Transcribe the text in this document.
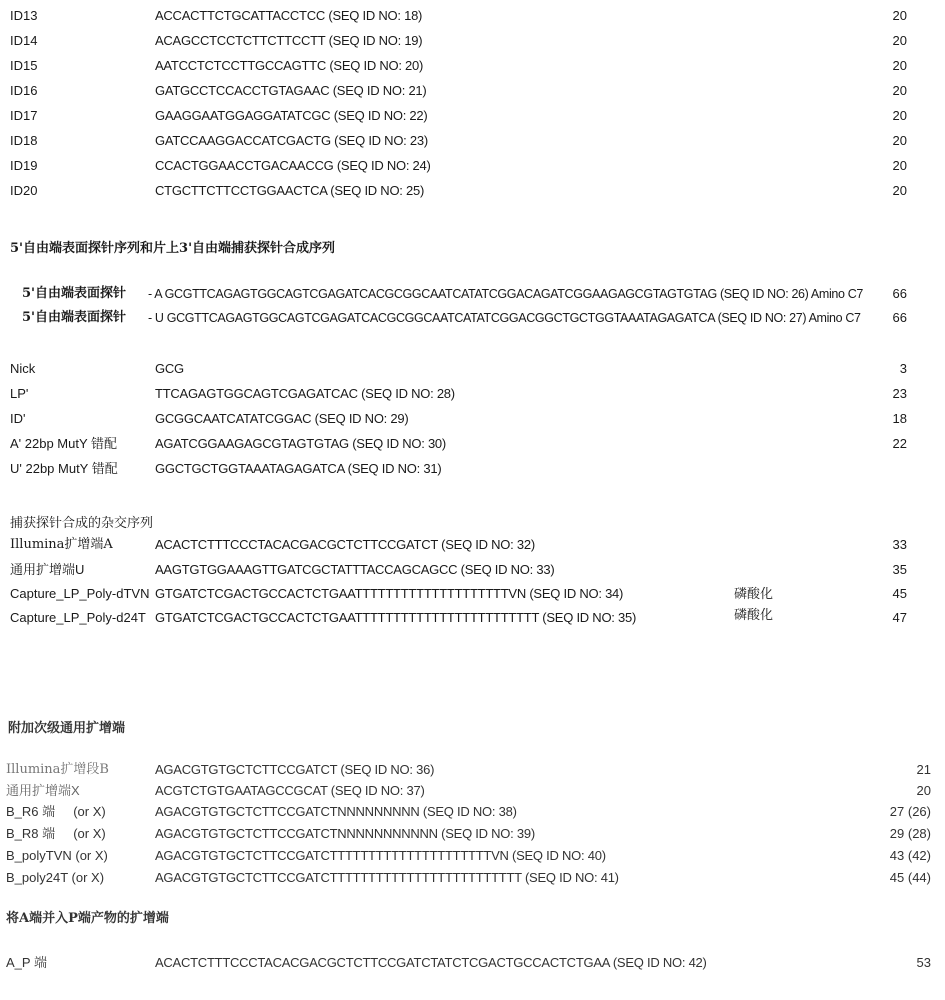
ID13	ACCACTTCTGCATTACCTCC (SEQ ID NO: 18)	20
ID14	ACAGCCTCCTCTTCTTCCTT (SEQ ID NO: 19)	20
ID15	AATCCTCTCCTTGCCAGTTC (SEQ ID NO: 20)	20
ID16	GATGCCTCCACCTGTAGAAC (SEQ ID NO: 21)	20
ID17	GAAGGAATGGAGGATATCGC (SEQ ID NO: 22)	20
ID18	GATCCAAGGACCATCGACTG (SEQ ID NO: 23)	20
ID19	CCACTGGAACCTGACAACCG (SEQ ID NO: 24)	20
ID20	CTGCTTCTTCCTGGAACTCA (SEQ ID NO: 25)	20
5'自由端表面探针序列和片上3'自由端捕获探针合成序列
5'自由端表面探针 - A GCGTTCAGAGTGGCAGTCGAGATCACGCGGCAATCATATCGGACAGATCGGAAGAGCGTAGTGTAG (SEQ ID NO: 26) Amino C7 66
5'自由端表面探针 - U GCGTTCAGAGTGGCAGTCGAGATCACGCGGCAATCATATCGGACGGCTGCTGGTAAATAGAGATCA (SEQ ID NO: 27) Amino C7 66
Nick	GCG	3
LP'	TTCAGAGTGGCAGTCGAGATCAC (SEQ ID NO: 28)	23
ID'	GCGGCAATCATATCGGAC (SEQ ID NO: 29)	18
A' 22bp MutY 错配	AGATCGGAAGAGCGTAGTGTAG (SEQ ID NO: 30)	22
U' 22bp MutY 错配	GGCTGCTGGTAAATAGAGATCA (SEQ ID NO: 31)
捕获探针合成的杂交序列
Illumina扩增端A	ACACTCTTTCCCTACACGACGCTCTTCCGATCT (SEQ ID NO: 32)	33
通用扩增端U	AAGTGTGGAAAGTTGATCGCTATTTACCAGCAGCC (SEQ ID NO: 33)	35
Capture_LP_Poly-dTVN GTGATCTCGACTGCCACTCTGAATTTTTTTTTTTTTTTTTTTTVN (SEQ ID NO: 34)	磷酸化	45
Capture_LP_Poly-d24T GTGATCTCGACTGCCACTCTGAATTTTTTTTTTTTTTTTTTTTTTTT (SEQ ID NO: 35)	磷酸化	47
附加次级通用扩增端
Illumina扩增段B	AGACGTGTGCTCTTCCGATCT (SEQ ID NO: 36)	21
通用扩增端X	ACGTCTGTGAATAGCCGCAT (SEQ ID NO: 37)	20
B_R6 端     (or X)	AGACGTGTGCTCTTCCGATCTNNNNNNNNN (SEQ ID NO: 38)	27 (26)
B_R8 端     (or X)	AGACGTGTGCTCTTCCGATCTNNNNNNNNNNN (SEQ ID NO: 39)	29 (28)
B_polyTVN (or X)	AGACGTGTGCTCTTCCGATCTTTTTTTTTTTTTTTTTTTTTVN (SEQ ID NO: 40)	43 (42)
B_poly24T (or X)	AGACGTGTGCTCTTCCGATCTTTTTTTTTTTTTTTTTTTTTTTTT (SEQ ID NO: 41)	45 (44)
将A端并入P端产物的扩增端
A_P 端	ACACTCTTTCCCTACACGACGCTCTTCCGATCTATCTCGACTGCCACTCTGAA (SEQ ID NO: 42)	53
